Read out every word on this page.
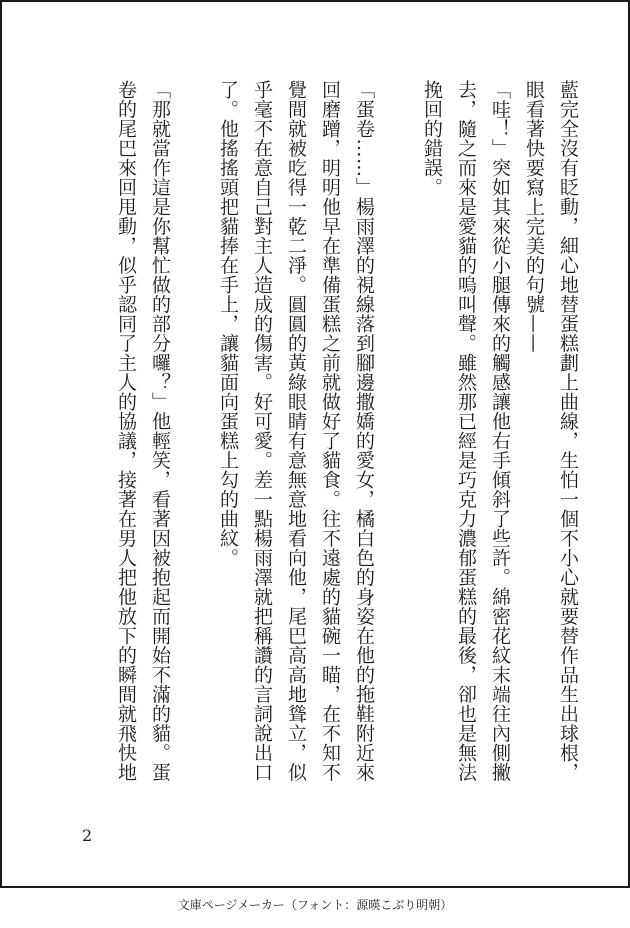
藍完全沒有眨動，細心地替蛋糕劃上曲線，生怕一個不小心就要替作品生出球根，眼看著快要寫上完美的句號——

「哇！」突如其來從小腿傳來的觸感讓他右手傾斜了些許。綿密花紋末端往內側撇去，隨之而來是愛貓的嗚叫聲。雖然那已經是巧克力濃郁蛋糕的最後，卻也是無法挽回的錯誤。

「蛋卷……」楊雨澤的視線落到腳邊撒嬌的愛女，橘白色的身姿在他的拖鞋附近來回磨蹭，明明他早在準備蛋糕之前就做好了貓食。往不遠處的貓碗一瞄，在不知不覺間就被吃得一乾二淨。圓圓的黃綠眼睛有意無意地看向他，尾巴高高地聳立，似乎毫不在意自己對主人造成的傷害。好可愛。差一點楊雨澤就把稱讚的言詞說出口了。他搖搖頭把貓捧在手上，讓貓面向蛋糕上勾的曲紋。

「那就當作這是你幫忙做的部分囉？」他輕笑，看著因被抱起而開始不滿的貓。蛋卷的尾巴來回甩動，似乎認同了主人的協議，接著在男人把他放下的瞬間就飛快地

2
文庫ページメーカー（フォント：源暎こぶり明朝）
